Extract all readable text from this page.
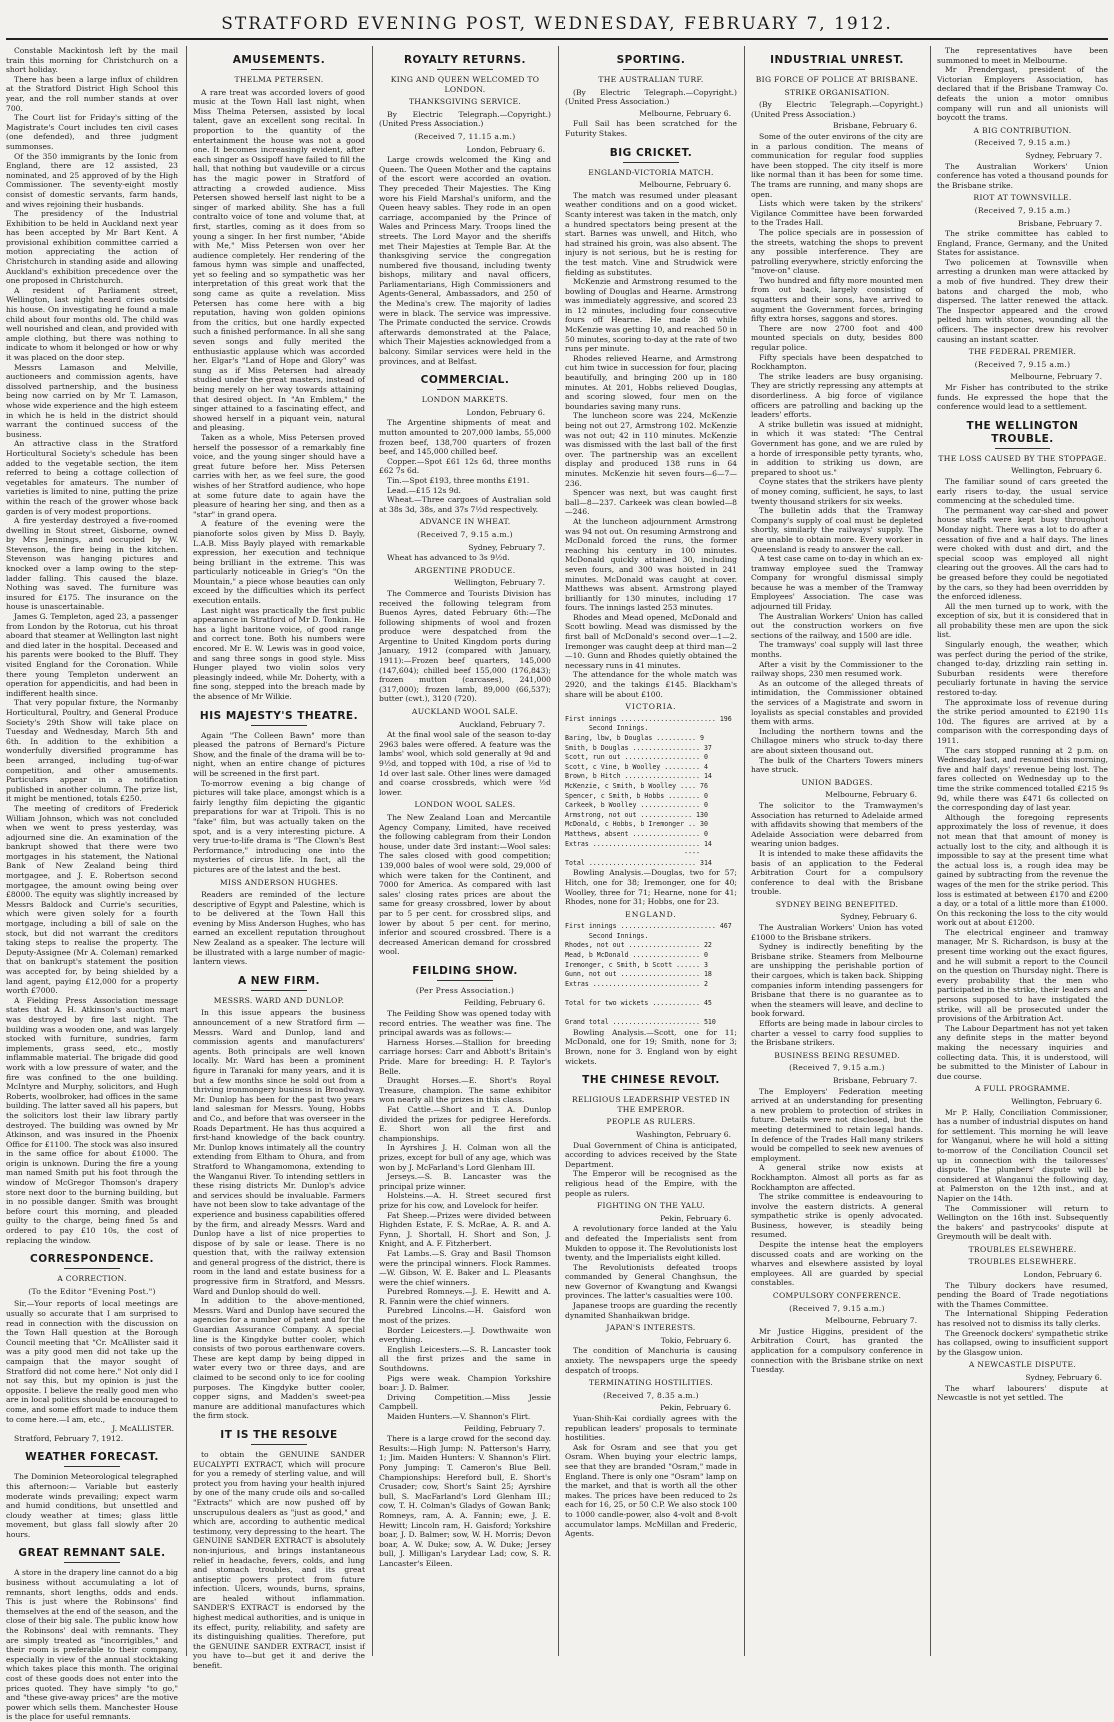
STRATFORD EVENING POST, WEDNESDAY, FEBRUARY 7, 1912.
Constable Mackintosh left by the mail train this morning for Christchurch on a short holiday.
There has been a large influx of children at the Stratford District High School this year, and the roll number stands at over 700.
The Court list for Friday's sitting of the Magistrate's Court includes ten civil cases (one defended), and three judgment summonses.
Of the 350 immigrants by the Ionic from England, there are 12 assisted, 23 nominated, and 25 approved of by the High Commissioner. The seventy-eight mostly consist of domestic servants, farm hands, and wives rejoining their husbands.
The presidency of the Industrial Exhibition to be held in Auckland next year has been accepted by Mr Bart Kent. A provisional exhibition committee carried a motion appreciating the action of Christchurch in standing aside and allowing Auckland's exhibition precedence over the one proposed in Christchurch.
A resident of Parliament street, Wellington, last night heard cries outside his house. On investigating he found a male child about four months old. The child was well nourished and clean, and provided with ample clothing, but there was nothing to indicate to whom it belonged or how or why it was placed on the door step.
Messrs Lamason and Melville, auctioneers and commission agents, have dissolved partnership, and the business being now carried on by Mr T. Lamason, whose wide experience and the high esteem in which he is held in the district should warrant the continued success of the business.
An attractive class in the Stratford Horticultural Society's schedule has been added to the vegetable section, the item referred to being a cottage collection of vegetables for amateurs. The number of varieties is limited to nine, putting the prize within the reach of the grower whose back garden is of very modest proportions.
A fire yesterday destroyed a five-roomed dwelling in Stout street, Gisborne, owned by Mrs Jennings, and occupied by W. Stevenson, the fire being in the kitchen. Stevenson was hanging pictures and knocked over a lamp owing to the step-ladder falling. This caused the blaze. Nothing was saved. The furniture was insured for £175. The insurance on the house is unascertainable.
James G. Templeton, aged 23, a passenger from London by the Rotorua, cut his throat aboard that steamer at Wellington last night and died later in the hospital. Deceased and his parents were booked to the Bluff. They visited England for the Coronation. While there young Templeton underwent an operation for appendicitis, and had been in indifferent health since.
That very popular fixture, the Normanby Horticultural, Poultry, and General Produce Society's 29th Show will take place on Tuesday and Wednesday, March 5th and 6th. In addition to the exhibition a wonderfully diversified programme has been arranged, including tug-of-war competition, and other amusements. Particulars appear in a notification published in another column. The prize list, it might be mentioned, totals £250.
The meeting of creditors of Frederick William Johnson, which was not concluded when we went to press yesterday, was adjourned sine die. An examination of the bankrupt showed that there were two mortgages in his statement, the National Bank of New Zealand being third mortgagee, and J. E. Robertson second mortgagee, the amount owing being over £8000. The equity was slightly increased by Messrs Baldock and Currie's securities, which were given solely for a fourth mortgage, including a bill of sale on the stock, but did not warrant the creditors taking steps to realise the property. The Deputy-Assignee (Mr A. Coleman) remarked that on bankrupt's statement the position was accepted for, by being shielded by a land agent, paying £12,000 for a property worth £7000.
A Fielding Press Association message states that A. H. Atkinson's auction mart was destroyed by fire last night. The building was a wooden one, and was largely stocked with furniture, sundries, farm implements, grass seed, etc., mostly inflammable material. The brigade did good work with a low pressure of water, and the fire was confined to the one building. McIntyre and Murphy, solicitors, and Hugh Roberts, woolbroker, had offices in the same building. The latter saved all his papers, but the solicitors lost their law library partly destroyed. The building was owned by Mr Atkinson, and was insured in the Phoenix Office for £1100. The stock was also insured in the same office for about £1000. The origin is unknown. During the fire a young man named Smith put his foot through the window of McGregor Thomson's drapery store next door to the burning building, but in no possible danger. Smith was brought before court this morning, and pleaded guilty to the charge, being fined 5s and ordered to pay £10 10s, the cost of replacing the window.
CORRESPONDENCE.
A CORRECTION.
(To the Editor "Evening Post.")
Sir,—Your reports of local meetings are usually so accurate that I am surprised to read in connection with the discussion on the Town Hall question at the Borough Council meeting that "Cr. McAllister said it was a pity good men did not take up the campaign that the mayor sought of Stratford did not come here." Not only did I not say this, but my opinion is just the opposite. I believe the really good men who are in local politics should be encouraged to come, and some effort made to induce them to come here.—I am, etc.,
J. McALLISTER.
Stratford, February 7, 1912.
WEATHER FORECAST.
The Dominion Meteorological telegraphed this afternoon:— Variable but easterly moderate winds prevailing; expect warm and humid conditions, but unsettled and cloudy weather at times; glass little movement, but glass fall slowly after 20 hours.
GREAT REMNANT SALE.
A store in the drapery line cannot do a big business without accumulating a lot of remnants, short lengths, odds and ends. This is just where the Robinsons' find themselves at the end of the season, and the close of their big sale. The public know how the Robinsons' deal with remnants. They are simply treated as "incorrigibles," and their room is preferable to their company, especially in view of the annual stocktaking which takes place this month. The original cost of these goods does not enter into the prices quoted. They have simply "to go," and "these give-away prices" are the motive power which sells them. Manchester House is the place for useful remnants.
AMUSEMENTS.
THELMA PETERSEN.
A rare treat was accorded lovers of good music at the Town Hall last night, when Miss Thelma Petersen, assisted by local talent, gave an excellent song recital. In proportion to the quantity of the entertainment the house was not a good one. It becomes increasingly evident, after each singer as Ossipoff have failed to fill the hall, that nothing but vaudeville or a circus has the magic power in Stratford of attracting a crowded audience. Miss Petersen showed herself last night to be a singer of marked ability. She has a full contralto voice of tone and volume that, at first, startles, coming as it does from so young a singer. In her first number, "Abide with Me," Miss Petersen won over her audience completely. Her rendering of the famous hymn was simple and unaffected, yet so feeling and so sympathetic was her interpretation of this great work that the song came as quite a revelation. Miss Petersen has come here with a big reputation, having won golden opinions from the critics, but one hardly expected such a finished performance. In all she sang seven songs and fully merited the enthusiastic applause which was accorded her. Elgar's "Land of Hope and Glory" was sung as if Miss Petersen had already studied under the great masters, instead of being merely on her way towards attaining that desired object. In "An Emblem," the singer attained to a fascinating effect, and showed herself in a piquant vein, natural and pleasing.
Taken as a whole, Miss Petersen proved herself the possessor of a remarkably fine voice, and the young singer should have a great future before her. Miss Petersen carries with her, as we feel sure, the good wishes of her Stratford audience, who hope at some future date to again have the pleasure of hearing her sing, and then as a "star" in grand opera.
A feature of the evening were the pianoforte solos given by Miss D. Bayly, L.A.B. Miss Bayly played with remarkable expression, her execution and technique being brilliant in the extreme. This was particularly noticeable in Grieg's "On the Mountain," a piece whose beauties can only exceed by the difficulties which its perfect execution entails.
Last night was practically the first public appearance in Stratford of Mr D. Tonkin. He has a light baritone voice, of good range and correct tone. Both his numbers were encored. Mr E. W. Lewis was in good voice, and sang three songs in good style. Miss Hunger played two violin solos very pleasingly indeed, while Mr. Doherty, with a fine song, stepped into the breach made by the absence of Mr Wilkie.
HIS MAJESTY'S THEATRE.
Again "The Colleen Bawn" more than pleased the patrons of Bernard's Picture Show, and the finale of the drama will be to-night, when an entire change of pictures will be screened in the first part.
To-morrow evening a big change of pictures will take place, amongst which is a fairly lengthy film depicting the gigantic preparations for war at Tripoli. This is no "fake" film, but was actually taken on the spot, and is a very interesting picture. A very true-to-life drama is "The Clown's Best Performance," introducing one into the mysteries of circus life. In fact, all the pictures are of the latest and the best.
MISS ANDERSON HUGHES.
Readers are reminded of the lecture descriptive of Egypt and Palestine, which is to be delivered at the Town Hall this evening by Miss Anderson Hughes, who has earned an excellent reputation throughout New Zealand as a speaker. The lecture will be illustrated with a large number of magic-lantern views.
A NEW FIRM.
MESSRS. WARD AND DUNLOP.
In this issue appears the business announcement of a new Stratford firm —Messrs. Ward and Dunlop, land and commission agents and manufacturers' agents. Both principals are well known locally. Mr. Ward has been a prominent figure in Taranaki for many years, and it is but a few months since he sold out from a thriving ironmongery business in Broadway. Mr. Dunlop has been for the past two years land salesman for Messrs. Young, Hobbs and Co., and before that was overseer in the Roads Department. He has thus acquired a first-hand knowledge of the back country. Mr. Dunlop knows intimately all the country extending from Eltham to Ohura, and from Stratford to Whangamomona, extending to the Wanganui River. To intending settlers in these rising districts Mr. Dunlop's advice and services should be invaluable. Farmers have not been slow to take advantage of the experience and business capabilities offered by the firm, and already Messrs. Ward and Dunlop have a list of nice properties to dispose of by sale or lease. There is no question that, with the railway extension and general progress of the district, there is room in the land and estate business for a progressive firm in Stratford, and Messrs. Ward and Dunlop should do well.
In addition to the above-mentioned, Messrs. Ward and Dunlop have secured the agencies for a number of patent and for the Guardian Assurance Company. A special line is the Kingdyke butter cooler, which consists of two porous earthenware covers. These are kept damp by being dipped in water every two or three days, and are claimed to be second only to ice for cooling purposes. The Kingdyke butter cooler, copper signs, and Madden's sweet-pea manure are additional manufactures which the firm stock.
IT IS THE RESOLVE
to obtain the GENUINE SANDER EUCALYPTI EXTRACT, which will procure for you a remedy of sterling value, and will protect you from having your health injured by one of the many crude oils and so-called "Extracts" which are now pushed off by unscrupulous dealers as "just as good," and which are, according to authentic medical testimony, very depressing to the heart. The GENUINE SANDER EXTRACT is absolutely non-injurious, and brings instantaneous relief in headache, fevers, colds, and lung and stomach troubles, and its great antiseptic powers protect from future infection. Ulcers, wounds, burns, sprains, are healed without inflammation. SANDER'S EXTRACT is endorsed by the highest medical authorities, and is unique in its effect, purity, reliability, and safety are its distinguishing qualities. Therefore, put the GENUINE SANDER EXTRACT, insist if you have to—but get it and derive the benefit.
ROYALTY RETURNS.
KING AND QUEEN WELCOMED TO LONDON.
THANKSGIVING SERVICE.
By Electric Telegraph.—Copyright.) (United Press Association.)
(Received 7, 11.15 a.m.)
London, February 6.
Large crowds welcomed the King and Queen. The Queen Mother and the captains of the escort were accorded an ovation. They preceded Their Majesties. The King wore his Field Marshal's uniform, and the Queen heavy sables. They rode in an open carriage, accompanied by the Prince of Wales and Princess Mary. Troops lined the streets. The Lord Mayor and the sheriffs met Their Majesties at Temple Bar. At the thanksgiving service the congregation numbered five thousand, including twenty bishops, military and naval officers, Parliamentarians, High Commissioners and Agents-General, Ambassadors, and 250 of the Medina's crew. The majority of ladies were in black. The service was impressive. The Primate conducted the service. Crowds afterwards demonstrated at the Palace, which Their Majesties acknowledged from a balcony. Similar services were held in the provinces, and at Belfast.
COMMERCIAL.
LONDON MARKETS.
London, February 6.
The Argentine shipments of meat and mutton amounted to 207,000 lambs, 55,000 frozen beef, 138,700 quarters of frozen beef, and 145,000 chilled beef.
Copper.—Spot £61 12s 6d, three months £62 7s 6d.
Tin.—Spot £193, three months £191.
Lead.—£15 12s 9d.
Wheat.—Three cargoes of Australian sold at 38s 3d, 38s, and 37s 7½d respectively.
ADVANCE IN WHEAT.
(Received 7, 9.15 a.m.)
Sydney, February 7.
Wheat has advanced to 3s 9½d.
ARGENTINE PRODUCE.
Wellington, February 7.
The Commerce and Tourists Division has received the following telegram from Buenos Ayres, dated February 6th:—The following shipments of wool and frozen produce were despatched from the Argentine to United Kingdom ports during January, 1912 (compared with January, 1911):—Frozen beef quarters, 145,000 (147,604); chilled beef 155,000 (176,843); frozen mutton (carcases), 241,000 (317,000); frozen lamb, 89,000 (66,537); butter (cwt.), 3120 (720).
AUCKLAND WOOL SALE.
Auckland, February 7.
At the final wool sale of the season to-day 2963 bales were offered. A feature was the lambs' wool, which sold generally at 9d and 9½d, and topped with 10d, a rise of ½d to 1d over last sale. Other lines were damaged and coarse crossbreds, which were ½d lower.
LONDON WOOL SALES.
The New Zealand Loan and Mercantile Agency Company, Limited, have received the following cablegram from their London house, under date 3rd instant:—Wool sales: The sales closed with good competition; 139,000 bales of wool were sold, 29,000 of which were taken for the Continent, and 7000 for America. As compared with last sales' closing rates prices are about the same for greasy crossbred, lower by about par to 5 per cent. for crossbred slips, and lower by about 5 per cent. for merino, inferior and scoured crossbred. There is a decreased American demand for crossbred wool.
FEILDING SHOW.
(Per Press Association.)
Feilding, February 6.
The Feilding Show was opened today with record entries. The weather was fine. The principal awards was as follows:—
Harness Horses.—Stallion for breeding carriage horses: Carr and Abbott's Britain's Pride. Mare for breeding: H. P. Taylor's Belle.
Draught Horses.—E. Short's Royal Treasure, champion. The same exhibitor won nearly all the prizes in this class.
Fat Cattle.—Short and T. A. Dunlop divided the prizes for pedigree Herefords. E. Short won all the first and championships.
In Ayrshires J. H. Colman won all the prizes, except for bull of any age, which was won by J. McFarland's Lord Glenham III.
Jerseys.—S. B. Lancaster was the principal prize winner.
Holsteins.—A. H. Street secured first prize for his cow, and Lovelock for heifer.
Fat Sheep.—Prizes were divided between Highden Estate, F. S. McRae, A. R. and A. Fynn, J. Shortall, H. Short and Son, J. Knight, and A. F. Fitzherbert.
Fat Lambs.—S. Gray and Basil Thomson were the principal winners. Flock Rammes.—W. Gibson, W. E. Baker and L. Pleasants were the chief winners.
Purebred Romneys.—J. E. Hewitt and A. R. Fannin were the chief winners.
Purebred Lincolns.—H. Gaisford won most of the prizes.
Border Leicesters.—J. Dowthwaite won everything.
English Leicesters.—S. R. Lancaster took all the first prizes and the same in Southdowns.
Pigs were weak. Champion Yorkshire boar: J. D. Balmer.
Driving Competition.—Miss Jessie Campbell.
Maiden Hunters.—V. Shannon's Flirt.
Feilding, February 7.
There is a large crowd for the second day. Results:—High Jump: N. Patterson's Harry, 1; Jim. Maiden Hunters: V. Shannon's Flirt. Pony Jumping: T. Cameron's Blue Bell. Championships: Hereford bull, E. Short's Crusader; cow, Short's Saint 25; Ayrshire bull, S. MacFarland's Lord Glenham III.; cow, T. H. Colman's Gladys of Gowan Bank; Romneys, ram, A. A. Fannin; ewe, J. E. Hewitt; Lincoln ram, H. Gaisford; Yorkshire boar, J. D. Balmer; sow, W. H. Morris; Devon boar, A. W. Duke; sow, A. W. Duke; Jersey bull, J. Milligan's Larydear Lad; cow, S. R. Lancaster's Eileen.
SPORTING.
THE AUSTRALIAN TURF.
(By Electric Telegraph.—Copyright.) (United Press Association.)
Melbourne, February 6.
Full Sail has been scratched for the Futurity Stakes.
BIG CRICKET.
ENGLAND-VICTORIA MATCH.
Melbourne, February 6.
The match was resumed under pleasant weather conditions and on a good wicket. Scanty interest was taken in the match, only a hundred spectators being present at the start. Barnes was unwell, and Hitch, who had strained his groin, was also absent. The injury is not serious, but he is resting for the test match. Vine and Strudwick were fielding as substitutes.
McKenzie and Armstrong resumed to the bowling of Douglas and Hearne. Armstrong was immediately aggressive, and scored 23 in 12 minutes, including four consecutive fours off Hearne. He made 38 while McKenzie was getting 10, and reached 50 in 50 minutes, scoring to-day at the rate of two runs per minute.
Rhodes relieved Hearne, and Armstrong cut him twice in succession for four, placing beautifully, and bringing 200 up in 180 minutes. At 201, Hobbs relieved Douglas, and scoring slowed, four men on the boundaries saving many runs.
The luncheon score was 224, McKenzie being not out 27, Armstrong 102. McKenzie was not out; 42 in 110 minutes. McKenzie was dismissed with the last ball of the first over. The partnership was an excellent display and produced 138 runs in 64 minutes. McKenzie hit seven fours—6—7—236.
Spencer was next, but was caught first ball—8—237. Carkeek was clean bowled—8—246.
At the luncheon adjournment Armstrong was 94 not out. On resuming Armstrong and McDonald forced the runs, the former reaching his century in 100 minutes. McDonald quickly attained 30, including seven fours, and 300 was hoisted in 241 minutes. McDonald was caught at cover. Matthews was absent. Armstrong played brilliantly for 130 minutes, including 17 fours. The innings lasted 253 minutes.
Rhodes and Mead opened, McDonald and Scott bowling. Mead was dismissed by the first ball of McDonald's second over—1—2. Iremonger was caught deep at third man—2—10. Gunn and Rhodes quietly obtained the necessary runs in 41 minutes.
The attendance for the whole match was 2920, and the takings £145. Blackham's share will be about £100.
VICTORIA.
First innings ........................ 196
Second Innings.
Baring, lbw, b Douglas .......... 9
Smith, b Douglas ................. 37
Scott, run out ................... 0
Scott, c Vine, b Woolley ......... 4
Brown, b Hitch ................... 14
McKenzie, c Smith, b Woolley .... 76
Spencer, c Smith, b Hobbs ........ 0
Carkeek, b Woolley ............... 0
Armstrong, not out ............. 130
McDonald, c Hobbs, b Iremonger .. 30
Matthews, absent ................. 0
Extras ........................... 14
----
Total ........................... 314
Bowling Analysis.—Douglas, two for 57; Hitch, one for 38; Iremonger, one for 40; Woolley, three for 71; Hearne, none for 41; Rhodes, none for 31; Hobbs, one for 23.
ENGLAND.
First innings ........................ 467
Second Innings.
Rhodes, not out .................. 22
Mead, b McDonald ................. 0
Iremonger, c Smith, b Scott ...... 3
Gunn, not out .................... 18
Extras ........................... 2

Total for two wickets ............ 45

Grand total ...................... 510
Bowling Analysis.—Scott, one for 11; McDonald, one for 19; Smith, none for 3; Brown, none for 3. England won by eight wickets.
THE CHINESE REVOLT.
RELIGIOUS LEADERSHIP VESTED IN THE EMPEROR.
PEOPLE AS RULERS.
Washington, February 6.
Dual Government of China is anticipated, according to advices received by the State Department.
The Emperor will be recognised as the religious head of the Empire, with the people as rulers.
FIGHTING ON THE YALU.
Pekin, February 6.
A revolutionary force landed at the Yalu and defeated the Imperialists sent from Mukden to oppose it. The Revolutionists lost twenty, and the Imperialists eight killed.
The Revolutionists defeated troops commanded by General Changhsun, the new Governor of Kwangtung and Kwangsi provinces. The latter's casualties were 100.
Japanese troops are guarding the recently dynamited Shanhaikwan bridge.
JAPAN'S INTERESTS.
Tokio, February 6.
The condition of Manchuria is causing anxiety. The newspapers urge the speedy despatch of troops.
TERMINATING HOSTILITIES.
(Received 7, 8.35 a.m.)
Pekin, February 6.
Yuan-Shih-Kai cordially agrees with the republican leaders' proposals to terminate hostilities.
Ask for Osram and see that you get Osram. When buying your electric lamps, see that they are branded "Osram," made in England. There is only one "Osram" lamp on the market, and that is worth all the other makes. The prices have been reduced to 2s each for 16, 25, or 50 C.P. We also stock 100 to 1000 candle-power, also 4-volt and 8-volt accumulator lamps. McMillan and Frederic, Agents.
INDUSTRIAL UNREST.
BIG FORCE OF POLICE AT BRISBANE.
STRIKE ORGANISATION.
(By Electric Telegraph.—Copyright.) (United Press Association.)
Brisbane, February 6.
Some of the outer environs of the city are in a parlous condition. The means of communication for regular food supplies have been stopped. The city itself is more like normal than it has been for some time. The trams are running, and many shops are open.
Lists which were taken by the strikers' Vigilance Committee have been forwarded to the Trades Hall.
The police specials are in possession of the streets, watching the shops to prevent any possible interference. They are patrolling everywhere, strictly enforcing the "move-on" clause.
Two hundred and fifty more mounted men from out back, largely consisting of squatters and their sons, have arrived to augment the Government forces, bringing fifty extra horses, saggons and stores.
There are now 2700 foot and 400 mounted specials on duty, besides 800 regular police.
Fifty specials have been despatched to Rockhampton.
The strike leaders are busy organising. They are strictly repressing any attempts at disorderliness. A big force of vigilance officers are patrolling and backing up the leaders' efforts.
A strike bulletin was issued at midnight, in which it was stated: "The Central Government has gone, and we are ruled by a horde of irresponsible petty tyrants, who, in addition to striking us down, are prepared to shoot us."
Coyne states that the strikers have plenty of money coming, sufficient, he says, to last twenty thousand strikers for six weeks.
The bulletin adds that the Tramway Company's supply of coal must be depleted shortly, similarly the railways' supply. The are unable to obtain more. Every worker in Queensland is ready to answer the call.
A test case came on to-day in which an ex-tramway employee sued the Tramway Company for wrongful dismissal simply because he was a member of the Tramway Employees' Association. The case was adjourned till Friday.
The Australian Workers' Union has called out the construction workers on five sections of the railway, and 1500 are idle.
The tramways' coal supply will last three months.
After a visit by the Commissioner to the railway shops, 230 men resumed work.
As an outcome of the alleged threats of intimidation, the Commissioner obtained the services of a Magistrate and sworn in loyalists as special constables and provided them with arms.
Including the northern towns and the Chillagoe miners who struck to-day there are about sixteen thousand out.
The bulk of the Charters Towers miners have struck.
UNION BADGES.
Melbourne, February 6.
The solicitor to the Tramwaymen's Association has returned to Adelaide armed with affidavits showing that members of the Adelaide Association were debarred from wearing union badges.
It is intended to make these affidavits the basis of an application to the Federal Arbitration Court for a compulsory conference to deal with the Brisbane trouble.
SYDNEY BEING BENEFITED.
Sydney, February 6.
The Australian Workers' Union has voted £1000 to the Brisbane strikers.
Sydney is indirectly benefiting by the Brisbane strike. Steamers from Melbourne are unshipping the perishable portion of their cargoes, which is taken back. Shipping companies inform intending passengers for Brisbane that there is no guarantee as to when the steamers will leave, and decline to book forward.
Efforts are being made in labour circles to charter a vessel to carry food supplies to the Brisbane strikers.
BUSINESS BEING RESUMED.
(Received 7, 9.15 a.m.)
Brisbane, February 7.
The Employers' Federation meeting arrived at an understanding for presenting a new problem to protection of strikes in future. Details were not disclosed, but the meeting determined to retain legal hands. In defence of the Trades Hall many strikers would be compelled to seek new avenues of employment.
A general strike now exists at Rockhampton. Almost all ports as far as Rockhampton are affected.
The strike committee is endeavouring to involve the eastern districts. A general sympathetic strike is openly advocated. Business, however, is steadily being resumed.
Despite the intense heat the employers discussed coats and are working on the wharves and elsewhere assisted by loyal employees. All are guarded by special constables.
COMPULSORY CONFERENCE.
(Received 7, 9.15 a.m.)
Melbourne, February 7.
Mr Justice Higgins, president of the Arbitration Court, has granted the application for a compulsory conference in connection with the Brisbane strike on next Tuesday.
The representatives have been summoned to meet in Melbourne.
Mr Prendergast, president of the Victorian Employers Association, has declared that if the Brisbane Tramway Co. defeats the union a motor omnibus company will run and all unionists will boycott the trams.
A BIG CONTRIBUTION.
(Received 7, 9.15 a.m.)
Sydney, February 7.
The Australian Workers' Union conference has voted a thousand pounds for the Brisbane strike.
RIOT AT TOWNSVILLE.
(Received 7, 9.15 a.m.)
Brisbane, February 7.
The strike committee has cabled to England, France, Germany, and the United States for assistance.
Two policemen at Townsville when arresting a drunken man were attacked by a mob of five hundred. They drew their batons and charged the mob, who dispersed. The latter renewed the attack. The Inspector appeared and the crowd pelted him with stones, wounding all the officers. The inspector drew his revolver causing an instant scatter.
THE FEDERAL PREMIER.
(Received 7, 9.15 a.m.)
Melbourne, February 7.
Mr Fisher has contributed to the strike funds. He expressed the hope that the conference would lead to a settlement.
THE WELLINGTON TROUBLE.
THE LOSS CAUSED BY THE STOPPAGE.
Wellington, February 6.
The familiar sound of cars greeted the early risers to-day, the usual service commencing at the scheduled time.
The permanent way car-shed and power house staffs were kept busy throughout Monday night. There was a lot to do after a cessation of five and a half days. The lines were choked with dust and dirt, and the special scoop was employed all night clearing out the grooves. All the cars had to be greased before they could be negotiated by the cars, so they had been overridden by the enforced idleness.
All the men turned up to work, with the exception of six, but it is considered that in all probability these men are upon the sick list.
Singularly enough, the weather, which was perfect during the period of the strike, changed to-day, drizzling rain setting in. Suburban residents were therefore peculiarly fortunate in having the service restored to-day.
The approximate loss of revenue during the strike period amounted to £2190 11s 10d. The figures are arrived at by a comparison with the corresponding days of 1911.
The cars stopped running at 2 p.m. on Wednesday last, and resumed this morning, five and half days' revenue being lost. The fares collected on Wednesday up to the time the strike commenced totalled £215 9s 9d, while there was £471 6s collected on the corresponding day of last year.
Although the foregoing represents approximately the loss of revenue, it does not mean that that amount of money is actually lost to the city, and although it is impossible to say at the present time what the actual loss is, a rough idea may be gained by subtracting from the revenue the wages of the men for the strike period. This loss is estimated at between £170 and £200 a day, or a total of a little more than £1000. On this reckoning the loss to the city would work out at about £1200.
The electrical engineer and tramway manager, Mr S. Richardson, is busy at the present time working out the exact figures, and he will submit a report to the Council on the question on Thursday night. There is every probability that the men who participated in the strike, their leaders and persons supposed to have instigated the strike, will all be prosecuted under the provisions of the Arbitration Act.
The Labour Department has not yet taken any definite steps in the matter beyond making the necessary inquiries and collecting data. This, it is understood, will be submitted to the Minister of Labour in due course.
A FULL PROGRAMME.
Wellington, February 6.
Mr P. Hally, Conciliation Commissioner, has a number of industrial disputes on hand for settlement. This morning he will leave for Wanganui, where he will hold a sitting to-morrow of the Conciliation Council set up in connection with the tailoresses' dispute. The plumbers' dispute will be considered at Wanganui the following day, at Palmerston on the 12th inst., and at Napier on the 14th.
The Commissioner will return to Wellington on the 16th inst. Subsequently the bakers' and pastrycooks' dispute at Greymouth will be dealt with.
TROUBLES ELSEWHERE.
TROUBLES ELSEWHERE.
London, February 6.
The Tilbury dockers have resumed, pending the Board of Trade negotiations with the Thames Committee.
The International Shipping Federation has resolved not to dismiss its tally clerks.
The Greenock dockers' sympathetic strike has collapsed, owing to insufficient support by the Glasgow union.
A NEWCASTLE DISPUTE.
Sydney, February 6.
The wharf labourers' dispute at Newcastle is not yet settled. The
